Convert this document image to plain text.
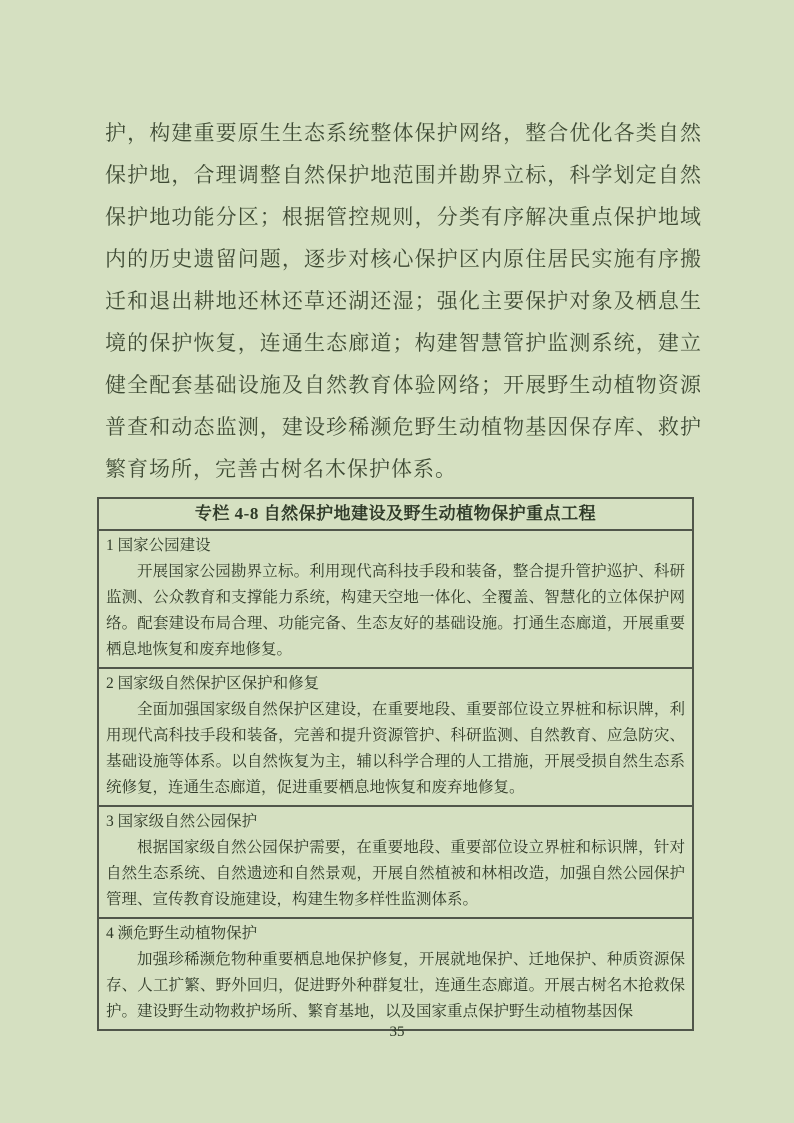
护，构建重要原生生态系统整体保护网络，整合优化各类自然
保护地，合理调整自然保护地范围并勘界立标，科学划定自然
保护地功能分区；根据管控规则，分类有序解决重点保护地域
内的历史遗留问题，逐步对核心保护区内原住居民实施有序搬
迁和退出耕地还林还草还湖还湿；强化主要保护对象及栖息生
境的保护恢复，连通生态廊道；构建智慧管护监测系统，建立
健全配套基础设施及自然教育体验网络；开展野生动植物资源
普查和动态监测，建设珍稀濒危野生动植物基因保存库、救护
繁育场所，完善古树名木保护体系。
专栏 4-8 自然保护地建设及野生动植物保护重点工程
1 国家公园建设

开展国家公园勘界立标。利用现代高科技手段和装备，整合提升管护巡护、科研监测、公众教育和支撑能力系统，构建天空地一体化、全覆盖、智慧化的立体保护网络。配套建设布局合理、功能完备、生态友好的基础设施。打通生态廊道，开展重要栖息地恢复和废弃地修复。

2 国家级自然保护区保护和修复

全面加强国家级自然保护区建设，在重要地段、重要部位设立界桩和标识牌，利用现代高科技手段和装备，完善和提升资源管护、科研监测、自然教育、应急防灾、基础设施等体系。以自然恢复为主，辅以科学合理的人工措施，开展受损自然生态系统修复，连通生态廊道，促进重要栖息地恢复和废弃地修复。

3 国家级自然公园保护

根据国家级自然公园保护需要，在重要地段、重要部位设立界桩和标识牌，针对自然生态系统、自然遗迹和自然景观，开展自然植被和林相改造，加强自然公园保护管理、宣传教育设施建设，构建生物多样性监测体系。

4 濒危野生动植物保护

加强珍稀濒危物种重要栖息地保护修复，开展就地保护、迁地保护、种质资源保存、人工扩繁、野外回归，促进野外种群复壮，连通生态廊道。开展古树名木抢救保护。建设野生动物救护场所、繁育基地，以及国家重点保护野生动植物基因保

35
